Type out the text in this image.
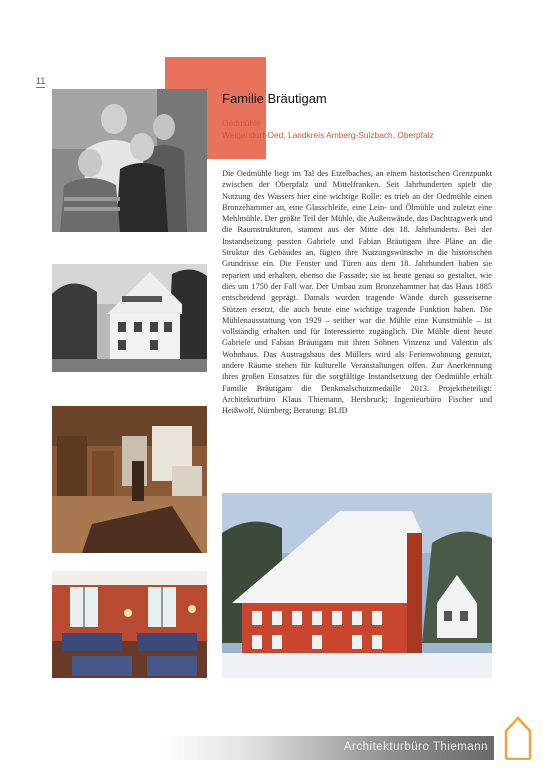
11
Familie Bräutigam
Oedmühle
Weigendorf-Oed, Landkreis Amberg-Sulzbach, Oberpfalz

Die Oedmühle liegt im Tal des Etzelbaches, an einem historischen Grenzpunkt zwischen der Oberpfalz und Mittelfranken. Seit Jahrhunderten spielt die Nutzung des Wassers hier eine wichtige Rolle: es trieb an der Oedmühle einen Bronzehammer an, eine Glasschleife, eine Lein- und Ölmühle und zuletzt eine Mehlmühle. Der größte Teil der Mühle, die Außenwände, das Dachtragwerk und die Raumstrukturen, stammt aus der Mitte des 18. Jahrhunderts. Bei der Instandsetzung passten Gabriele und Fabian Bräutigam ihre Pläne an die Struktur des Gebäudes an, fügten ihre Nutzungswünsche in die historischen Grundrisse ein. Die Fenster und Türen aus dem 18. Jahrhundert haben sie repariert und erhalten, ebenso die Fassade; sie ist heute genau so gestaltet, wie dies um 1750 der Fall war. Der Umbau zum Bronzehammer hat das Haus 1885 entscheidend geprägt. Damals wurden tragende Wände durch gusseiserne Stützen ersetzt, die auch heute eine wichtige tragende Funktion haben. Die Mühlenausstattung von 1929 – seither war die Mühle eine Kunstmühle – ist vollständig erhalten und für Interessierte zugänglich. Die Mühle dient heute Gabriele und Fabian Bräutigam mit ihren Söhnen Vinzenz und Valentin als Wohnhaus. Das Austragshaus des Müllers wird als Ferienwohnung genutzt, andere Räume stehen für kulturelle Veranstaltungen offen. Zur Anerkennung ihres großen Einsatzes für die sorgfältige Instandsetzung der Oedmühle erhält Familie Bräutigam die Denkmalschutzmedaille 2013. Projektbeteiligt: Architekturbüro Klaus Thiemann, Hersbruck; Ingenieurbüro Fischer und Heißwolf, Nürnberg; Beratung: BLfD

Architekturbüro Thiemann
